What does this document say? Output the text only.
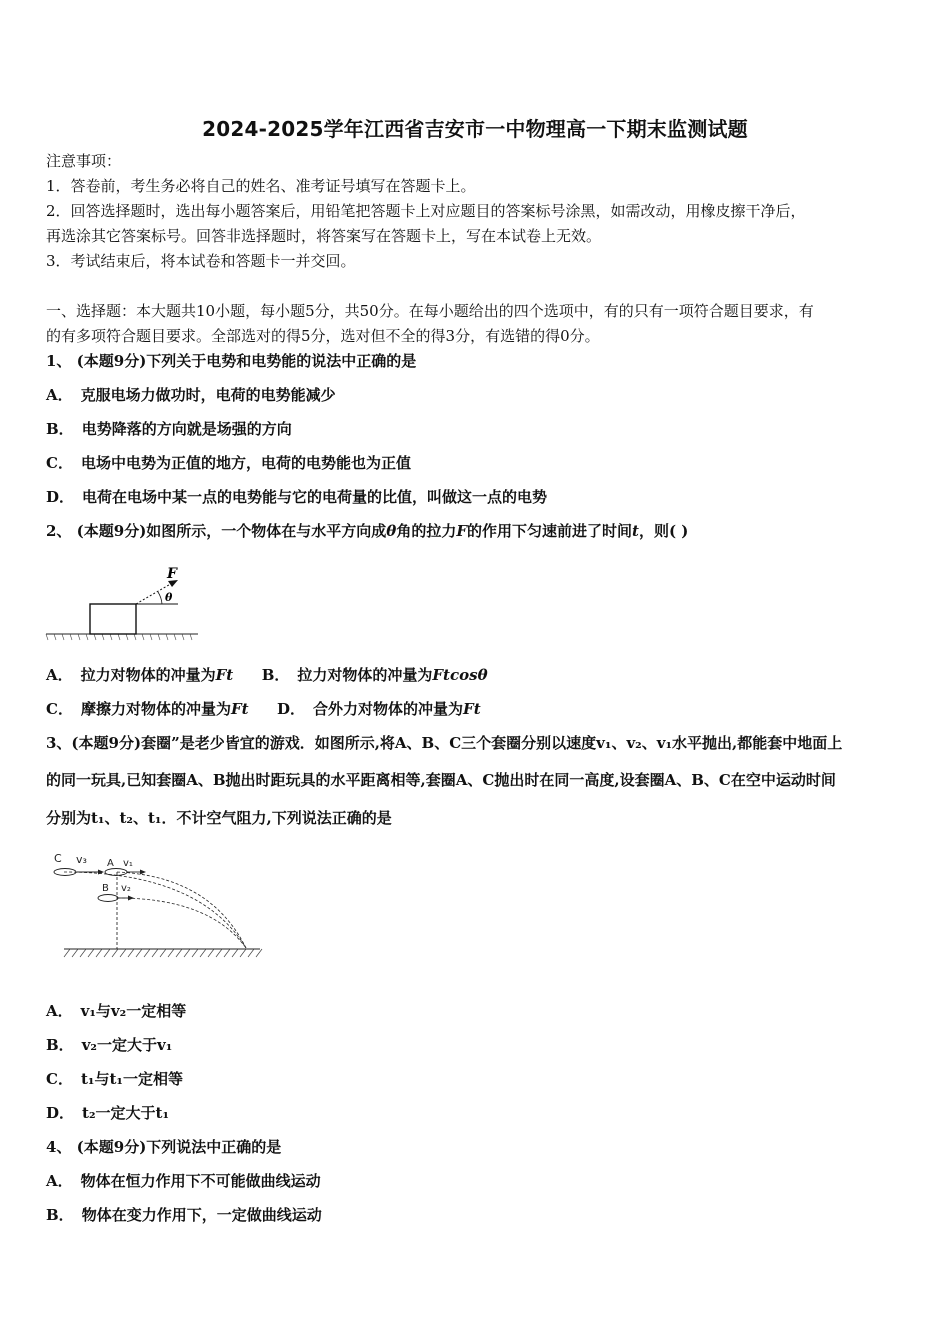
2024-2025学年江西省吉安市一中物理高一下期末监测试题
注意事项：
1．答卷前，考生务必将自己的姓名、准考证号填写在答题卡上。
2．回答选择题时，选出每小题答案后，用铅笔把答题卡上对应题目的答案标号涂黑，如需改动，用橡皮擦干净后，
再选涂其它答案标号。回答非选择题时，将答案写在答题卡上，写在本试卷上无效。
3．考试结束后，将本试卷和答题卡一并交回。
一、选择题：本大题共10小题，每小题5分，共50分。在每小题给出的四个选项中，有的只有一项符合题目要求，有
的有多项符合题目要求。全部选对的得5分，选对但不全的得3分，有选错的得0分。
1、 (本题9分)下列关于电势和电势能的说法中正确的是
A． 克服电场力做功时，电荷的电势能减少
B． 电势降落的方向就是场强的方向
C． 电场中电势为正值的地方，电荷的电势能也为正值
D． 电荷在电场中某一点的电势能与它的电荷量的比值，叫做这一点的电势
2、 (本题9分)如图所示，一个物体在与水平方向成θ角的拉力F的作用下匀速前进了时间t，则( )
F
θ
A． 拉力对物体的冲量为Ft B． 拉力对物体的冲量为Ftcosθ
C． 摩擦力对物体的冲量为Ft D． 合外力对物体的冲量为Ft
3、(本题9分)套圈”是老少皆宜的游戏．如图所示,将A、B、C三个套圈分别以速度v₁、v₂、v₁水平抛出,都能套中地面上
的同一玩具,已知套圈A、B抛出时距玩具的水平距离相等,套圈A、C抛出时在同一高度,设套圈A、B、C在空中运动时间
分别为t₁、t₂、t₁．不计空气阻力,下列说法正确的是
C v₃ A v₁
B v₂
A． v₁与v₂一定相等
B． v₂一定大于v₁
C． t₁与t₁一定相等
D． t₂一定大于t₁
4、 (本题9分)下列说法中正确的是
A． 物体在恒力作用下不可能做曲线运动
B． 物体在变力作用下，一定做曲线运动
